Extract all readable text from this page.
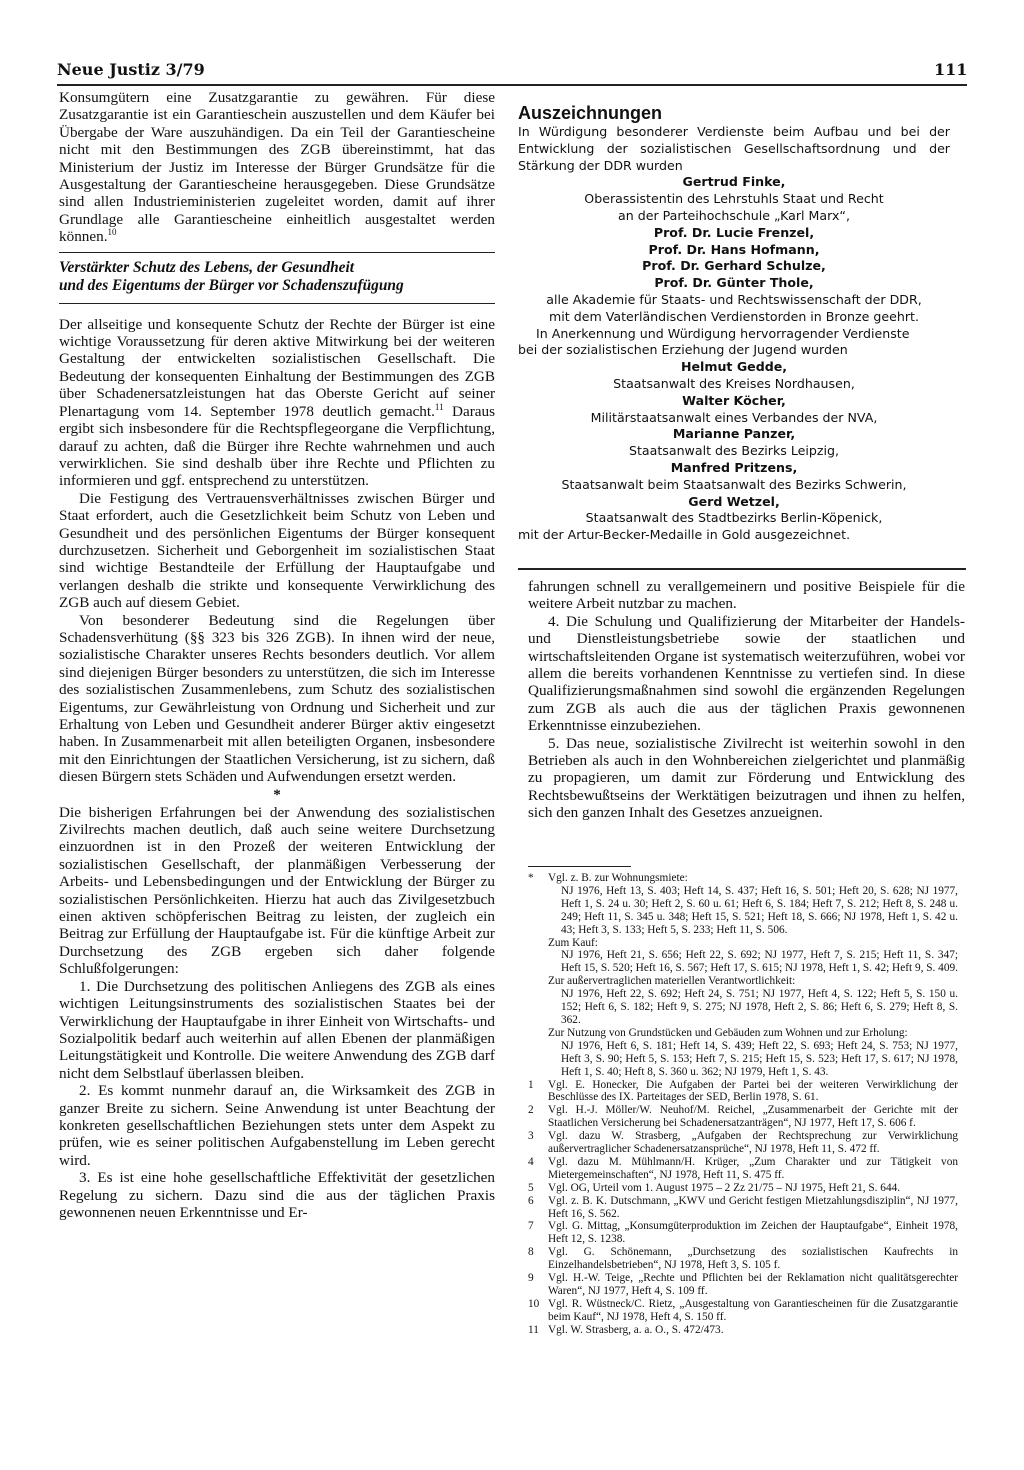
Neue Justiz 3/79	111

Konsumgütern eine Zusatzgarantie zu gewähren. Für diese Zusatzgarantie ist ein Garantieschein auszustellen und dem Käufer bei Übergabe der Ware auszuhändigen. Da ein Teil der Garantiescheine nicht mit den Bestimmungen des ZGB übereinstimmt, hat das Ministerium der Justiz im Interesse der Bürger Grundsätze für die Ausgestaltung der Garantiescheine herausgegeben. Diese Grundsätze sind allen Industrieministerien zugeleitet worden, damit auf ihrer Grundlage alle Garantiescheine einheitlich ausgestaltet werden können.$^{10}$

Verstärkter Schutz des Lebens, der Gesundheit
und des Eigentums der Bürger vor Schadenszufügung

Der allseitige und konsequente Schutz der Rechte der Bürger ist eine wichtige Voraussetzung für deren aktive Mitwirkung bei der weiteren Gestaltung der entwickelten sozialistischen Gesellschaft. Die Bedeutung der konsequenten Einhaltung der Bestimmungen des ZGB über Schadenersatzleistungen hat das Oberste Gericht auf seiner Plenartagung vom 14. September 1978 deutlich gemacht.$^{11}$ Daraus ergibt sich insbesondere für die Rechtspflegeorgane die Verpflichtung, darauf zu achten, daß die Bürger ihre Rechte wahrnehmen und auch verwirklichen. Sie sind deshalb über ihre Rechte und Pflichten zu informieren und ggf. entsprechend zu unterstützen.

Die Festigung des Vertrauensverhältnisses zwischen Bürger und Staat erfordert, auch die Gesetzlichkeit beim Schutz von Leben und Gesundheit und des persönlichen Eigentums der Bürger konsequent durchzusetzen. Sicherheit und Geborgenheit im sozialistischen Staat sind wichtige Bestandteile der Erfüllung der Hauptaufgabe und verlangen deshalb die strikte und konsequente Verwirklichung des ZGB auch auf diesem Gebiet.

Von besonderer Bedeutung sind die Regelungen über Schadensverhütung (§§ 323 bis 326 ZGB). In ihnen wird der neue, sozialistische Charakter unseres Rechts besonders deutlich. Vor allem sind diejenigen Bürger besonders zu unterstützen, die sich im Interesse des sozialistischen Zusammenlebens, zum Schutz des sozialistischen Eigentums, zur Gewährleistung von Ordnung und Sicherheit und zur Erhaltung von Leben und Gesundheit anderer Bürger aktiv eingesetzt haben. In Zusammenarbeit mit allen beteiligten Organen, insbesondere mit den Einrichtungen der Staatlichen Versicherung, ist zu sichern, daß diesen Bürgern stets Schäden und Aufwendungen ersetzt werden.

*

Die bisherigen Erfahrungen bei der Anwendung des sozialistischen Zivilrechts machen deutlich, daß auch seine weitere Durchsetzung einzuordnen ist in den Prozeß der weiteren Entwicklung der sozialistischen Gesellschaft, der planmäßigen Verbesserung der Arbeits- und Lebensbedingungen und der Entwicklung der Bürger zu sozialistischen Persönlichkeiten. Hierzu hat auch das Zivilgesetzbuch einen aktiven schöpferischen Beitrag zu leisten, der zugleich ein Beitrag zur Erfüllung der Hauptaufgabe ist. Für die künftige Arbeit zur Durchsetzung des ZGB ergeben sich daher folgende Schlußfolgerungen:

1. Die Durchsetzung des politischen Anliegens des ZGB als eines wichtigen Leitungsinstruments des sozialistischen Staates bei der Verwirklichung der Hauptaufgabe in ihrer Einheit von Wirtschafts- und Sozialpolitik bedarf auch weiterhin auf allen Ebenen der planmäßigen Leitungstätigkeit und Kontrolle. Die weitere Anwendung des ZGB darf nicht dem Selbstlauf überlassen bleiben.

2. Es kommt nunmehr darauf an, die Wirksamkeit des ZGB in ganzer Breite zu sichern. Seine Anwendung ist unter Beachtung der konkreten gesellschaftlichen Beziehungen stets unter dem Aspekt zu prüfen, wie es seiner politischen Aufgabenstellung im Leben gerecht wird.

3. Es ist eine hohe gesellschaftliche Effektivität der gesetzlichen Regelung zu sichern. Dazu sind die aus der täglichen Praxis gewonnenen neuen Erkenntnisse und Er-

Auszeichnungen
In Würdigung besonderer Verdienste beim Aufbau und bei der Entwicklung der sozialistischen Gesellschaftsordnung und der Stärkung der DDR wurden
Gertrud Finke,
Oberassistentin des Lehrstuhls Staat und Recht
an der Parteihochschule „Karl Marx“,
Prof. Dr. Lucie Frenzel,
Prof. Dr. Hans Hofmann,
Prof. Dr. Gerhard Schulze,
Prof. Dr. Günter Thole,
alle Akademie für Staats- und Rechtswissenschaft der DDR,
mit dem Vaterländischen Verdienstorden in Bronze geehrt.
In Anerkennung und Würdigung hervorragender Verdienste
bei der sozialistischen Erziehung der Jugend wurden
Helmut Gedde,
Staatsanwalt des Kreises Nordhausen,
Walter Köcher,
Militärstaatsanwalt eines Verbandes der NVA,
Marianne Panzer,
Staatsanwalt des Bezirks Leipzig,
Manfred Pritzens,
Staatsanwalt beim Staatsanwalt des Bezirks Schwerin,
Gerd Wetzel,
Staatsanwalt des Stadtbezirks Berlin-Köpenick,
mit der Artur-Becker-Medaille in Gold ausgezeichnet.

fahrungen schnell zu verallgemeinern und positive Beispiele für die weitere Arbeit nutzbar zu machen.

4. Die Schulung und Qualifizierung der Mitarbeiter der Handels- und Dienstleistungsbetriebe sowie der staatlichen und wirtschaftsleitenden Organe ist systematisch weiterzuführen, wobei vor allem die bereits vorhandenen Kenntnisse zu vertiefen sind. In diese Qualifizierungsmaßnahmen sind sowohl die ergänzenden Regelungen zum ZGB als auch die aus der täglichen Praxis gewonnenen Erkenntnisse einzubeziehen.

5. Das neue, sozialistische Zivilrecht ist weiterhin sowohl in den Betrieben als auch in den Wohnbereichen zielgerichtet und planmäßig zu propagieren, um damit zur Förderung und Entwicklung des Rechtsbewußtseins der Werktätigen beizutragen und ihnen zu helfen, sich den ganzen Inhalt des Gesetzes anzueignen.

*	Vgl. z. B. zur Wohnungsmiete:
NJ 1976, Heft 13, S. 403; Heft 14, S. 437; Heft 16, S. 501; Heft 20, S. 628; NJ 1977, Heft 1, S. 24 u. 30; Heft 2, S. 60 u. 61; Heft 6, S. 184; Heft 7, S. 212; Heft 8, S. 248 u. 249; Heft 11, S. 345 u. 348; Heft 15, S. 521; Heft 18, S. 666; NJ 1978, Heft 1, S. 42 u. 43; Heft 3, S. 133; Heft 5, S. 233; Heft 11, S. 506.
Zum Kauf:
NJ 1976, Heft 21, S. 656; Heft 22, S. 692; NJ 1977, Heft 7, S. 215; Heft 11, S. 347; Heft 15, S. 520; Heft 16, S. 567; Heft 17, S. 615; NJ 1978, Heft 1, S. 42; Heft 9, S. 409.
Zur außervertraglichen materiellen Verantwortlichkeit:
NJ 1976, Heft 22, S. 692; Heft 24, S. 751; NJ 1977, Heft 4, S. 122; Heft 5, S. 150 u. 152; Heft 6, S. 182; Heft 9, S. 275; NJ 1978, Heft 2, S. 86; Heft 6, S. 279; Heft 8, S. 362.
Zur Nutzung von Grundstücken und Gebäuden zum Wohnen und zur Erholung:
NJ 1976, Heft 6, S. 181; Heft 14, S. 439; Heft 22, S. 693; Heft 24, S. 753; NJ 1977, Heft 3, S. 90; Heft 5, S. 153; Heft 7, S. 215; Heft 15, S. 523; Heft 17, S. 617; NJ 1978, Heft 1, S. 40; Heft 8, S. 360 u. 362; NJ 1979, Heft 1, S. 43.
1	Vgl. E. Honecker, Die Aufgaben der Partei bei der weiteren Verwirklichung der Beschlüsse des IX. Parteitages der SED, Berlin 1978, S. 61.
2	Vgl. H.-J. Möller/W. Neuhof/M. Reichel, „Zusammenarbeit der Gerichte mit der Staatlichen Versicherung bei Schadenersatzanträgen“, NJ 1977, Heft 17, S. 606 f.
3	Vgl. dazu W. Strasberg, „Aufgaben der Rechtsprechung zur Verwirklichung außervertraglicher Schadenersatzansprüche“, NJ 1978, Heft 11, S. 472 ff.
4	Vgl. dazu M. Mühlmann/H. Krüger, „Zum Charakter und zur Tätigkeit von Mietergemeinschaften“, NJ 1978, Heft 11, S. 475 ff.
5	Vgl. OG, Urteil vom 1. August 1975 – 2 Zz 21/75 – NJ 1975, Heft 21, S. 644.
6	Vgl. z. B. K. Dutschmann, „KWV und Gericht festigen Mietzahlungsdisziplin“, NJ 1977, Heft 16, S. 562.
7	Vgl. G. Mittag, „Konsumgüterproduktion im Zeichen der Hauptaufgabe“, Einheit 1978, Heft 12, S. 1238.
8	Vgl. G. Schönemann, „Durchsetzung des sozialistischen Kaufrechts in Einzelhandelsbetrieben“, NJ 1978, Heft 3, S. 105 f.
9	Vgl. H.-W. Teige, „Rechte und Pflichten bei der Reklamation nicht qualitätsgerechter Waren“, NJ 1977, Heft 4, S. 109 ff.
10 Vgl. R. Wüstneck/C. Rietz, „Ausgestaltung von Garantiescheinen für die Zusatzgarantie beim Kauf“, NJ 1978, Heft 4, S. 150 ff.
11 Vgl. W. Strasberg, a. a. O., S. 472/473.
